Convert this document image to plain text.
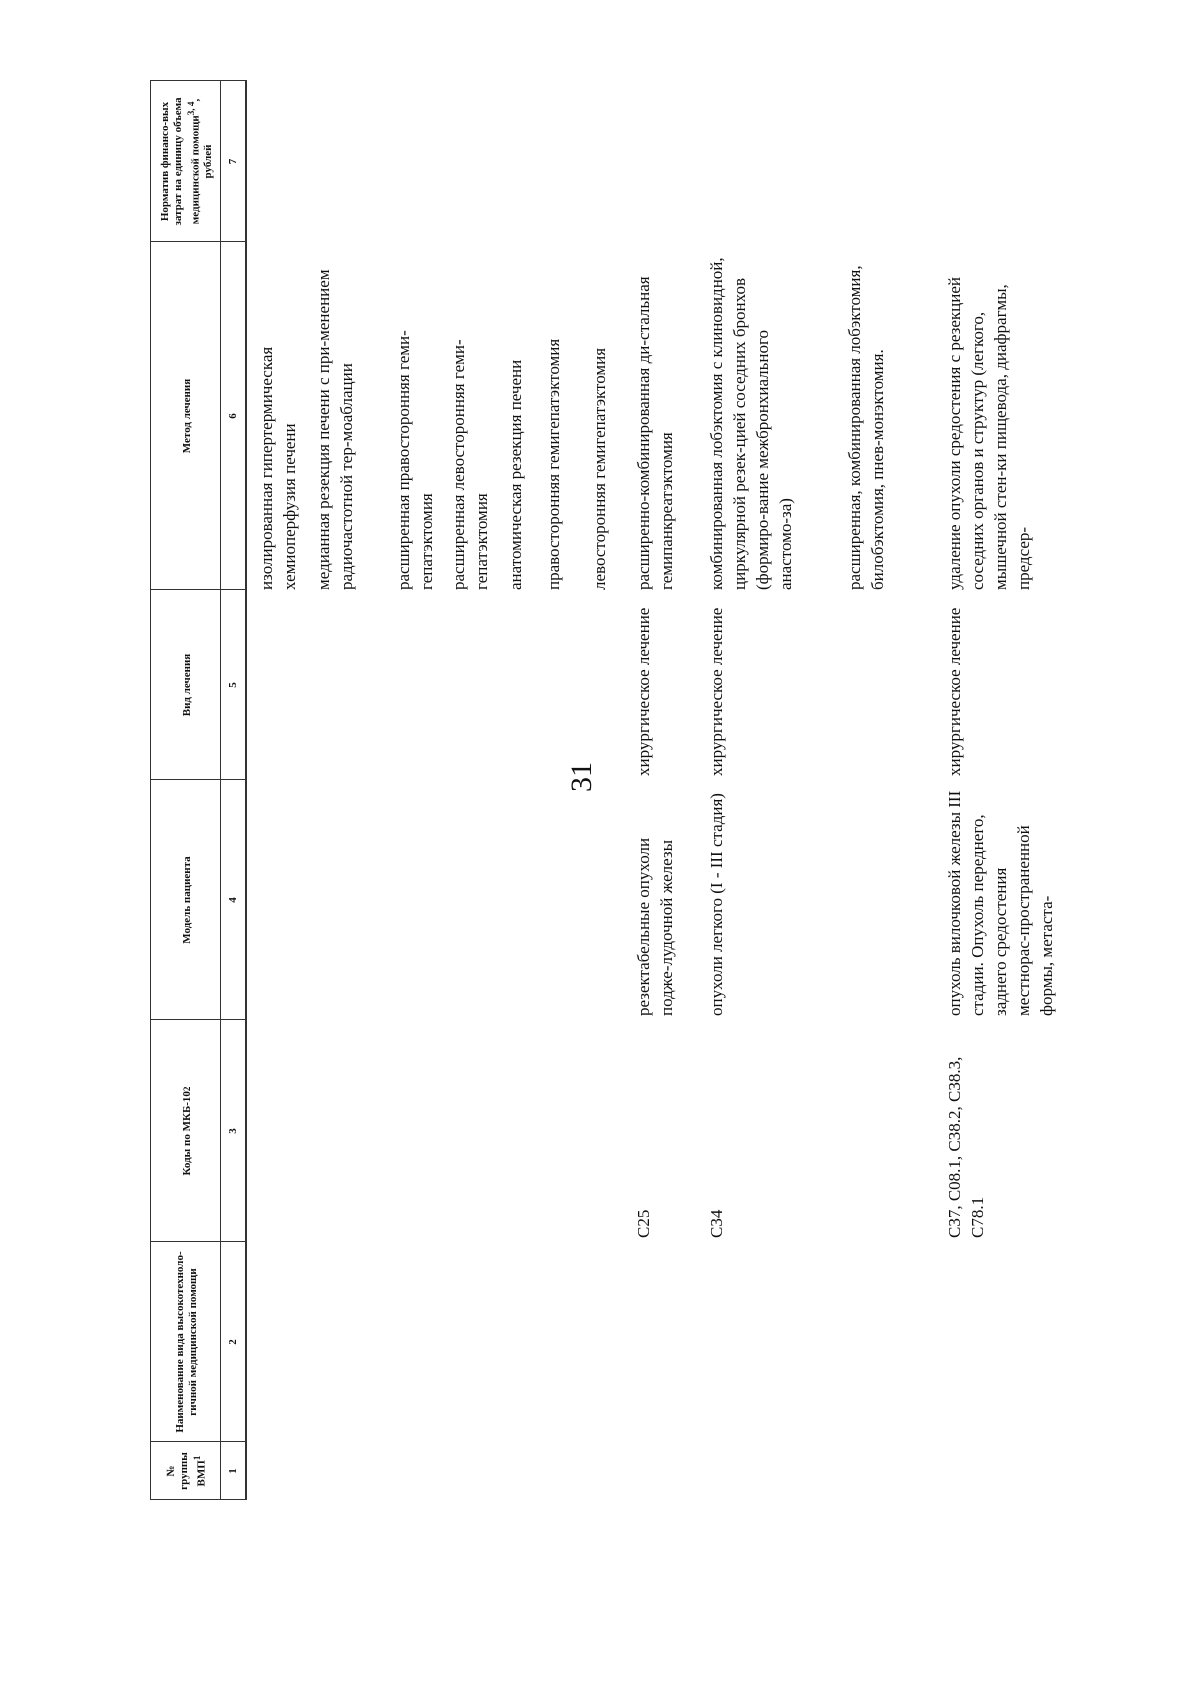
31
№ группы ВМП$^1$
Наименование вида высокотехноло-гичной медицинской помощи
Коды по МКБ-10
2
Модель пациента
Вид лечения
Метод лечения
Норматив финансо-вых затрат на единицу объема медицинской помощи$^{3, 4}$, рублей
1
2
3
4
5
6
7
изолированная гипертермическая хемиоперфузия печени медианная резекция печени с при-менением радиочастотной тер-моаблации расширенная правосторонняя геми-гепатэктомия расширенная левосторонняя геми-гепатэктомия анатомическая резекция печени правосторонняя гемигепатэктомия левосторонняя гемигепатэктомия
C25
резектабельные опухоли подже-лудочной железы
хирургическое лечение
расширенно-комбинированная ди-стальная гемипанкреатэктомия
C34
опухоли легкого (I - III стадия)
хирургическое лечение
комбинированная лобэктомия с клиновидной, циркулярной резек-цией соседних бронхов (формиро-вание межбронхиального анастомо-за)	расширенная, комбинированная лобэктомия, билобэктомия, пнев-монэктомия.
C37, C08.1, C38.2, C38.3, C78.1
опухоль вилочковой железы III стадии. Опухоль переднего, заднего средостения местнорас-пространенной формы, метаста-
хирургическое лечение
удаление опухоли средостения с резекцией соседних органов и структур (легкого, мышечной стен-ки пищевода, диафрагмы, предсер-
